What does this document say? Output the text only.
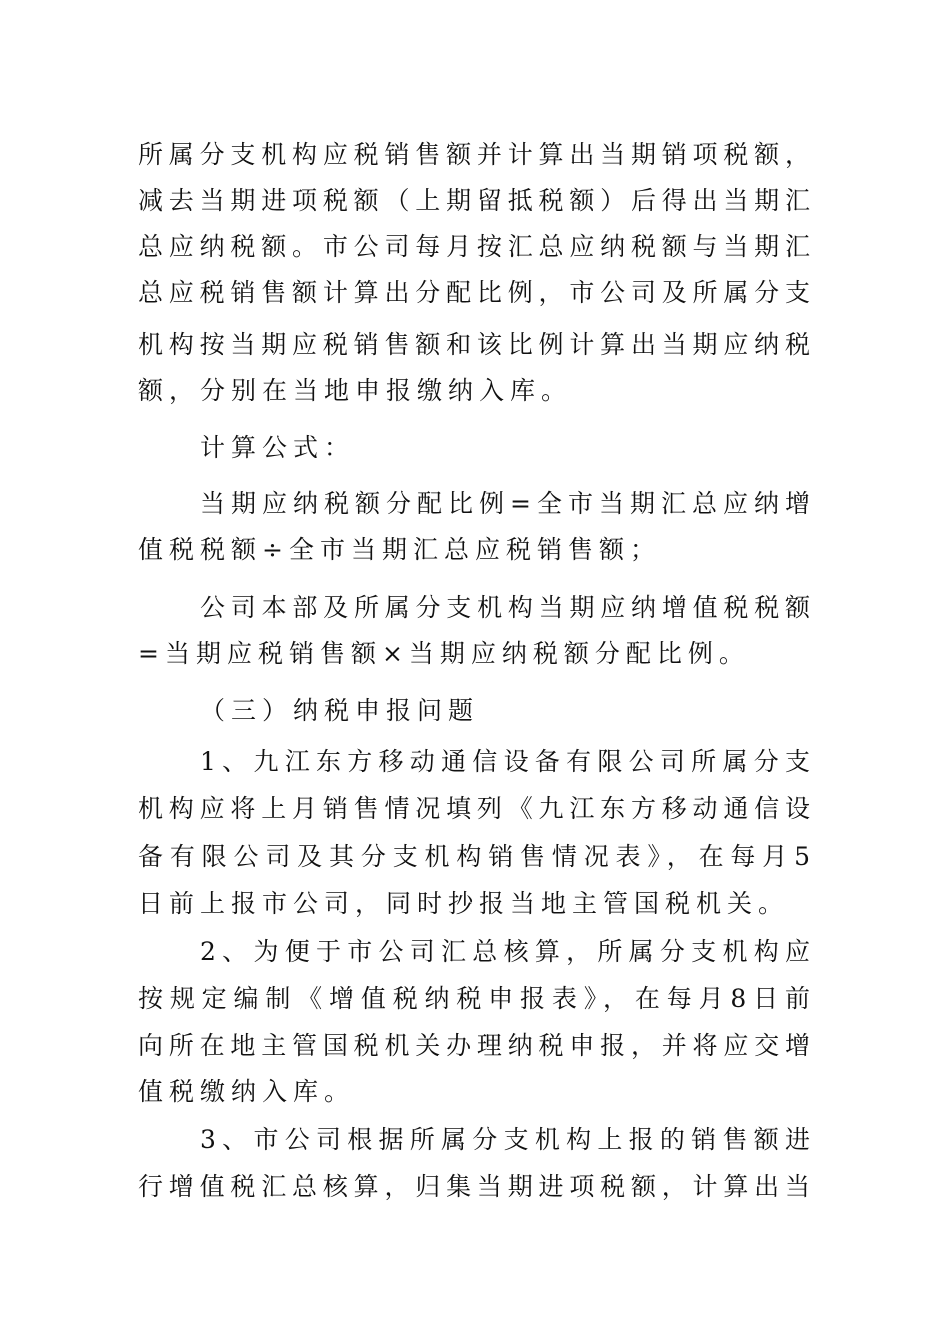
所属分支机构应税销售额并计算出当期销项税额，
减去当期进项税额（上期留抵税额）后得出当期汇
总应纳税额。市公司每月按汇总应纳税额与当期汇
总应税销售额计算出分配比例，市公司及所属分支
机构按当期应税销售额和该比例计算出当期应纳税
额，分别在当地申报缴纳入库。
计算公式：
当期应纳税额分配比例=全市当期汇总应纳增
值税税额÷全市当期汇总应税销售额；
公司本部及所属分支机构当期应纳增值税税额
=当期应税销售额×当期应纳税额分配比例。
（三）纳税申报问题
1、九江东方移动通信设备有限公司所属分支
机构应将上月销售情况填列《九江东方移动通信设
备有限公司及其分支机构销售情况表》，在每月5
日前上报市公司，同时抄报当地主管国税机关。
2、为便于市公司汇总核算，所属分支机构应
按规定编制《增值税纳税申报表》，在每月8日前
向所在地主管国税机关办理纳税申报，并将应交增
值税缴纳入库。
3、市公司根据所属分支机构上报的销售额进
行增值税汇总核算，归集当期进项税额，计算出当
